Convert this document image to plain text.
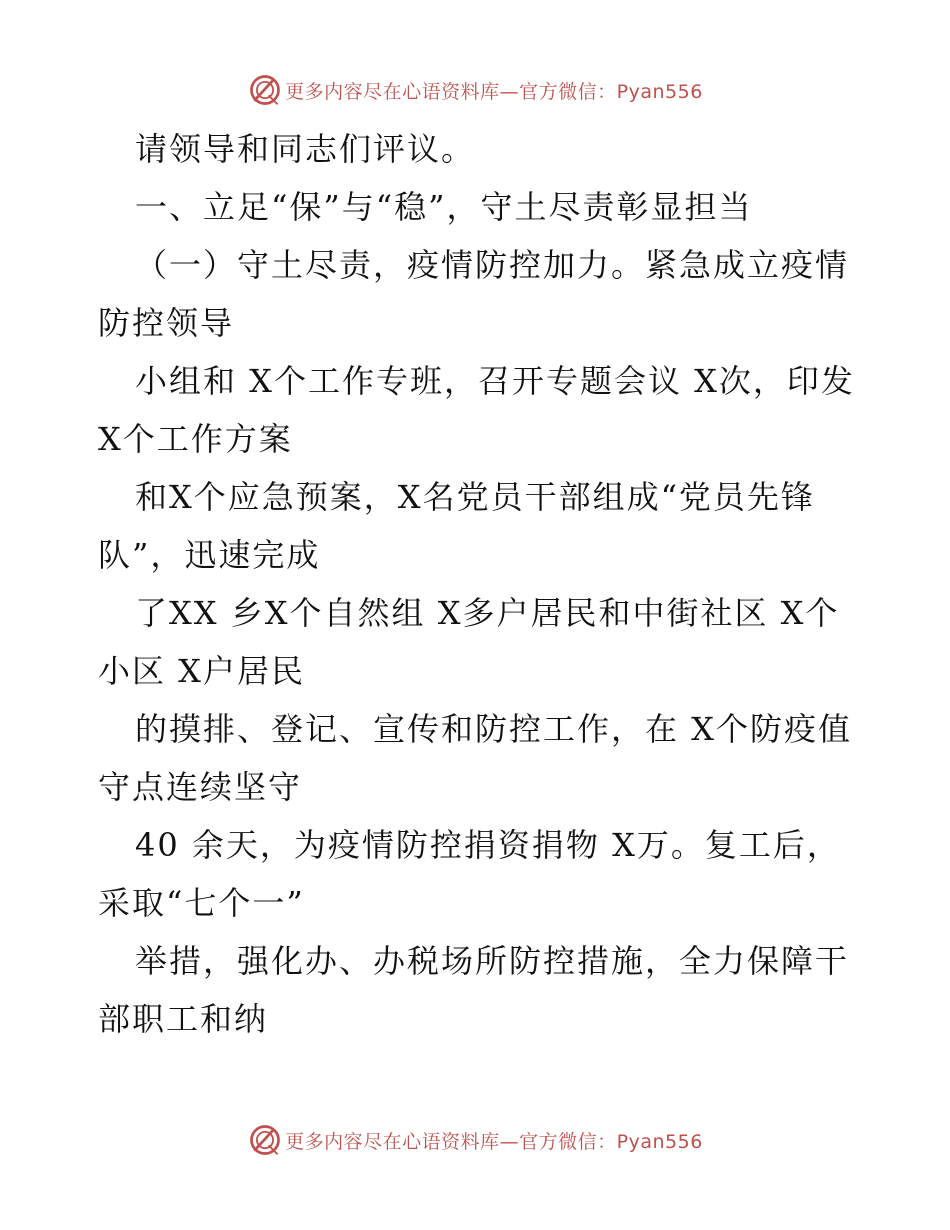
更多内容尽在心语资料库—官方微信：Pyan556

请领导和同志们评议。

一、立足“保”与“稳”，守土尽责彰显担当

（一）守土尽责，疫情防控加力。紧急成立疫情防控领导

小组和 X个工作专班，召开专题会议 X次，印发 X个工作方案

和X个应急预案，X名党员干部组成“党员先锋队”，迅速完成

了XX 乡X个自然组 X多户居民和中街社区 X个小区 X户居民

的摸排、登记、宣传和防控工作，在 X个防疫值守点连续坚守

40 余天，为疫情防控捐资捐物 X万。复工后，采取“七个一”

举措，强化办、办税场所防控措施，全力保障干部职工和纳

更多内容尽在心语资料库—官方微信：Pyan556
